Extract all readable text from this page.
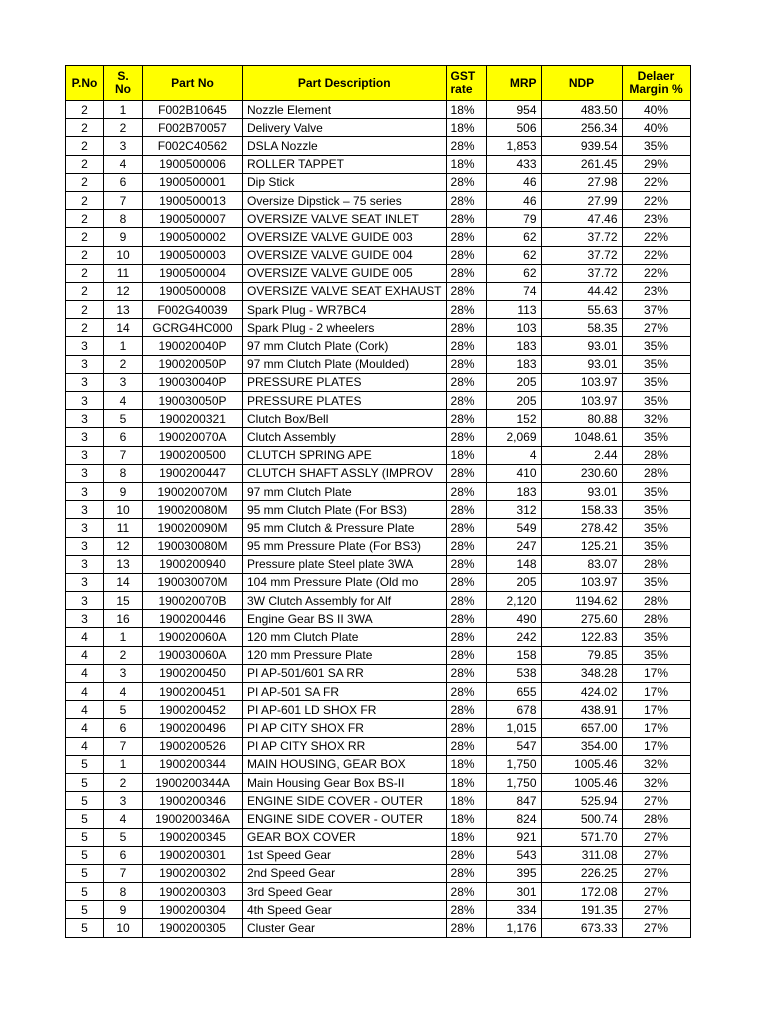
P.No	S. No	Part No	Part Description	GST rate	MRP	NDP	Delaer Margin %
2	1	F002B10645	Nozzle Element	18%	954	483.50	40%
2	2	F002B70057	Delivery Valve	18%	506	256.34	40%
2	3	F002C40562	DSLA Nozzle	28%	1,853	939.54	35%
2	4	1900500006	ROLLER TAPPET	18%	433	261.45	29%
2	6	1900500001	Dip Stick	28%	46	27.98	22%
2	7	1900500013	Oversize Dipstick – 75 series	28%	46	27.99	22%
2	8	1900500007	OVERSIZE VALVE SEAT INLET	28%	79	47.46	23%
2	9	1900500002	OVERSIZE VALVE GUIDE 003	28%	62	37.72	22%
2	10	1900500003	OVERSIZE VALVE GUIDE 004	28%	62	37.72	22%
2	11	1900500004	OVERSIZE VALVE GUIDE 005	28%	62	37.72	22%
2	12	1900500008	OVERSIZE VALVE SEAT EXHAUST	28%	74	44.42	23%
2	13	F002G40039	Spark Plug - WR7BC4	28%	113	55.63	37%
2	14	GCRG4HC000	Spark Plug - 2 wheelers	28%	103	58.35	27%
3	1	190020040P	97 mm Clutch Plate (Cork)	28%	183	93.01	35%
3	2	190020050P	97 mm Clutch Plate (Moulded)	28%	183	93.01	35%
3	3	190030040P	PRESSURE PLATES	28%	205	103.97	35%
3	4	190030050P	PRESSURE PLATES	28%	205	103.97	35%
3	5	1900200321	Clutch Box/Bell	28%	152	80.88	32%
3	6	190020070A	Clutch Assembly	28%	2,069	1048.61	35%
3	7	1900200500	CLUTCH SPRING APE	18%	4	2.44	28%
3	8	1900200447	CLUTCH SHAFT ASSLY (IMPROV	28%	410	230.60	28%
3	9	190020070M	97 mm Clutch Plate	28%	183	93.01	35%
3	10	190020080M	95 mm Clutch Plate (For BS3)	28%	312	158.33	35%
3	11	190020090M	95 mm Clutch & Pressure Plate	28%	549	278.42	35%
3	12	190030080M	95 mm Pressure Plate (For BS3)	28%	247	125.21	35%
3	13	1900200940	Pressure plate Steel plate 3WA	28%	148	83.07	28%
3	14	190030070M	104 mm Pressure Plate (Old mo	28%	205	103.97	35%
3	15	190020070B	3W Clutch Assembly for Alf	28%	2,120	1194.62	28%
3	16	1900200446	Engine Gear BS II 3WA	28%	490	275.60	28%
4	1	190020060A	120 mm Clutch Plate	28%	242	122.83	35%
4	2	190030060A	120 mm Pressure Plate	28%	158	79.85	35%
4	3	1900200450	PI AP-501/601 SA RR	28%	538	348.28	17%
4	4	1900200451	PI AP-501 SA FR	28%	655	424.02	17%
4	5	1900200452	PI AP-601 LD SHOX FR	28%	678	438.91	17%
4	6	1900200496	PI AP CITY SHOX FR	28%	1,015	657.00	17%
4	7	1900200526	PI AP CITY SHOX RR	28%	547	354.00	17%
5	1	1900200344	MAIN HOUSING, GEAR BOX	18%	1,750	1005.46	32%
5	2	1900200344A	Main Housing Gear Box BS-II	18%	1,750	1005.46	32%
5	3	1900200346	ENGINE SIDE COVER - OUTER	18%	847	525.94	27%
5	4	1900200346A	ENGINE SIDE COVER - OUTER	18%	824	500.74	28%
5	5	1900200345	GEAR BOX COVER	18%	921	571.70	27%
5	6	1900200301	1st Speed Gear	28%	543	311.08	27%
5	7	1900200302	2nd Speed Gear	28%	395	226.25	27%
5	8	1900200303	3rd Speed Gear	28%	301	172.08	27%
5	9	1900200304	4th Speed Gear	28%	334	191.35	27%
5	10	1900200305	Cluster Gear	28%	1,176	673.33	27%
